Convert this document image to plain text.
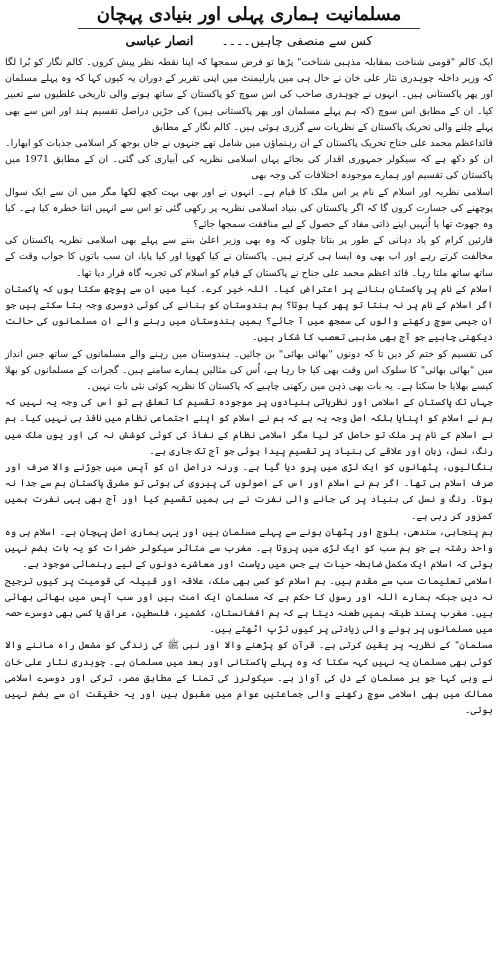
مسلمانیت ہماری پہلی اور بنیادی پہچان
کس سے منصفی چاہیں۔۔۔۔
انصار عباسی

ایک کالم "قومی شناخت بمقابلہ مذہبی شناخت" پڑھا تو فرض سمجھا کہ اپنا نقطہ نظر پیش کروں۔ کالم نگار کو بُرا لگا کہ وزیر داخلہ چوہدری نثار علی خان نے حال ہی میں پارلیمنٹ میں اپنی تقریر کے دوران یہ کیوں کہا کہ وہ پہلے مسلمان اور پھر پاکستانی ہیں۔ انہوں نے چوہدری صاحب کی اس سوچ کو پاکستان کے ساتھ ہونے والی تاریخی غلطیوں سے تعبیر کیا۔ ان کے مطابق اس سوچ (کہ ہم پہلے مسلمان اور پھر پاکستانی ہیں) کی جڑیں دراصل تقسیم ہند اور اس سے بھی پہلے چلنے والی تحریک پاکستان کے نظریات سے گزری ہوئی ہیں۔ کالم نگار کے مطابق

قائداعظم محمد علی جناح تحریک پاکستان کے ان رہنماؤں میں شامل تھے جنہوں نے جان بوجھ کر اسلامی جذبات کو ابھارا۔ ان کو دکھ ہے کہ سیکولر جمہوری اقدار کی بجائے یہاں اسلامی نظریہ کی آبیاری کی گئی۔ ان کے مطابق 1971 میں پاکستان کی تقسیم اور ہمارے موجودہ اختلافات کی وجہ بھی

اسلامی نظریہ اور اسلام کے نام پر اس ملک کا قیام ہے۔ انہوں نے اور بھی بہت کچھ لکھا مگر میں ان سے ایک سوال پوچھنے کی جسارت کروں گا کہ اگر پاکستان کی بنیاد اسلامی نظریہ پر رکھی گئی تو اس سے انہیں اتنا خطرہ کیا ہے۔ کیا وہ جھوٹ تھا یا اُنہیں اپنے ذاتی مفاد کے حصول کے لیے منافقت سمجھا جائے؟

قارئین کرام کو یاد دہانی کے طور پر بتاتا چلوں کہ وہ بھی وزیر اعلیٰ بننے سے پہلے بھی اسلامی نظریہ پاکستان کی مخالفت کرتے رہے اور اب بھی وہ ایسا ہی کرتے ہیں۔ پاکستان نے کیا کھویا اور کیا پایا، ان سب باتوں کا جواب وقت کے ساتھ ساتھ ملتا رہا۔ قائد اعظم محمد علی جناح نے پاکستان کے قیام کو اسلام کی تجربہ گاہ قرار دیا تھا۔

اسلام کے نام پر پاکستان بنانے پر اعتراض کیا۔ اللہ خیر کرے۔ کیا میں ان سے پوچھ سکتا ہوں کہ پاکستان اگر اسلام کے نام پر نہ بنتا تو پھر کیا ہوتا؟ ہم ہندوستان کو بنانے کی کوئی دوسری وجہ بتا سکتے ہیں جو ان جیسی سوچ رکھنے والوں کی سمجھ میں آ جائے؟ ہمیں ہندوستان میں رہنے والے ان مسلمانوں کی حالت دیکھنی چاہیے جو آج بھی مذہبی تعصب کا شکار ہیں۔

کی تقسیم کو ختم کر دیں تا کہ دونوں "بھائی بھائی" بن جائیں۔ ہندوستان میں رہنے والے مسلمانوں کے ساتھ جس انداز میں "بھائی بھائی" کا سلوک اس وقت بھی کیا جا رہا ہے، اُس کی مثالیں ہمارے سامنے ہیں۔ گجرات کے مسلمانوں کو بھلا کیسے بھلایا جا سکتا ہے۔ یہ بات بھی ذہن میں رکھنی چاہیے کہ پاکستان کا نظریہ کوئی نئی بات نہیں۔

جہاں تک پاکستان کے اسلامی اور نظریاتی بنیادوں پر موجودہ تقسیم کا تعلق ہے تو اس کی وجہ یہ نہیں کہ ہم نے اسلام کو اپنایا بلکہ اصل وجہ یہ ہے کہ ہم نے اسلام کو اپنے اجتماعی نظام میں نافذ ہی نہیں کیا۔ ہم نے اسلام کے نام پر ملک تو حاصل کر لیا مگر اسلامی نظام کے نفاذ کی کوئی کوشش نہ کی اور یوں ملک میں رنگ، نسل، زبان اور علاقے کی بنیاد پر تقسیم پیدا ہوئی جو آج تک جاری ہے۔

بنگالیوں، پٹھانوں کو ایک لڑی میں پرو دیا گیا ہے۔ ورنہ دراصل ان کو آپس میں جوڑنے والا صرف اور صرف اسلام ہی تھا۔ اگر ہم نے اسلام اور اس کے اصولوں کی پیروی کی ہوتی تو مشرقی پاکستان ہم سے جدا نہ ہوتا۔ رنگ و نسل کی بنیاد پر کی جانے والی نفرت نے ہی ہمیں تقسیم کیا اور آج بھی یہی نفرت ہمیں کمزور کر رہی ہے۔

ہم پنجابی، سندھی، بلوچ اور پٹھان ہونے سے پہلے مسلمان ہیں اور یہی ہماری اصل پہچان ہے۔ اسلام ہی وہ واحد رشتہ ہے جو ہم سب کو ایک لڑی میں پروتا ہے۔ مغرب سے متاثر سیکولر حضرات کو یہ بات ہضم نہیں ہوتی کہ اسلام ایک مکمل ضابطہ حیات ہے جس میں ریاست اور معاشرے دونوں کے لیے رہنمائی موجود ہے۔

اسلامی تعلیمات سب سے مقدم ہیں۔ ہم اسلام کو کسی بھی ملک، علاقہ اور قبیلہ کی قومیت پر کیوں ترجیح نہ دیں جبکہ ہمارے اللہ اور رسول کا حکم ہے کہ مسلمان ایک امت ہیں اور سب آپس میں بھائی بھائی ہیں۔ مغرب پسند طبقہ ہمیں طعنہ دیتا ہے کہ ہم افغانستان، کشمیر، فلسطین، عراق یا کسی بھی دوسرے حصہ میں مسلمانوں پر ہونے والی زیادتی پر کیوں تڑپ اٹھتے ہیں۔

مسلمان" کے نظریہ پر یقین کرتی ہے۔ قرآن کو پڑھنے والا اور نبی ﷺ کی زندگی کو مشعل راہ ماننے والا کوئی بھی مسلمان یہ نہیں کہہ سکتا کہ وہ پہلے پاکستانی اور بعد میں مسلمان ہے۔ چوہدری نثار علی خان نے وہی کہا جو ہر مسلمان کے دل کی آواز ہے۔ سیکولرز کی تمنا کے مطابق مصر، ترکی اور دوسرے اسلامی ممالک میں بھی اسلامی سوچ رکھنے والی جماعتیں عوام میں مقبول ہیں اور یہ حقیقت ان سے ہضم نہیں ہوتی۔
